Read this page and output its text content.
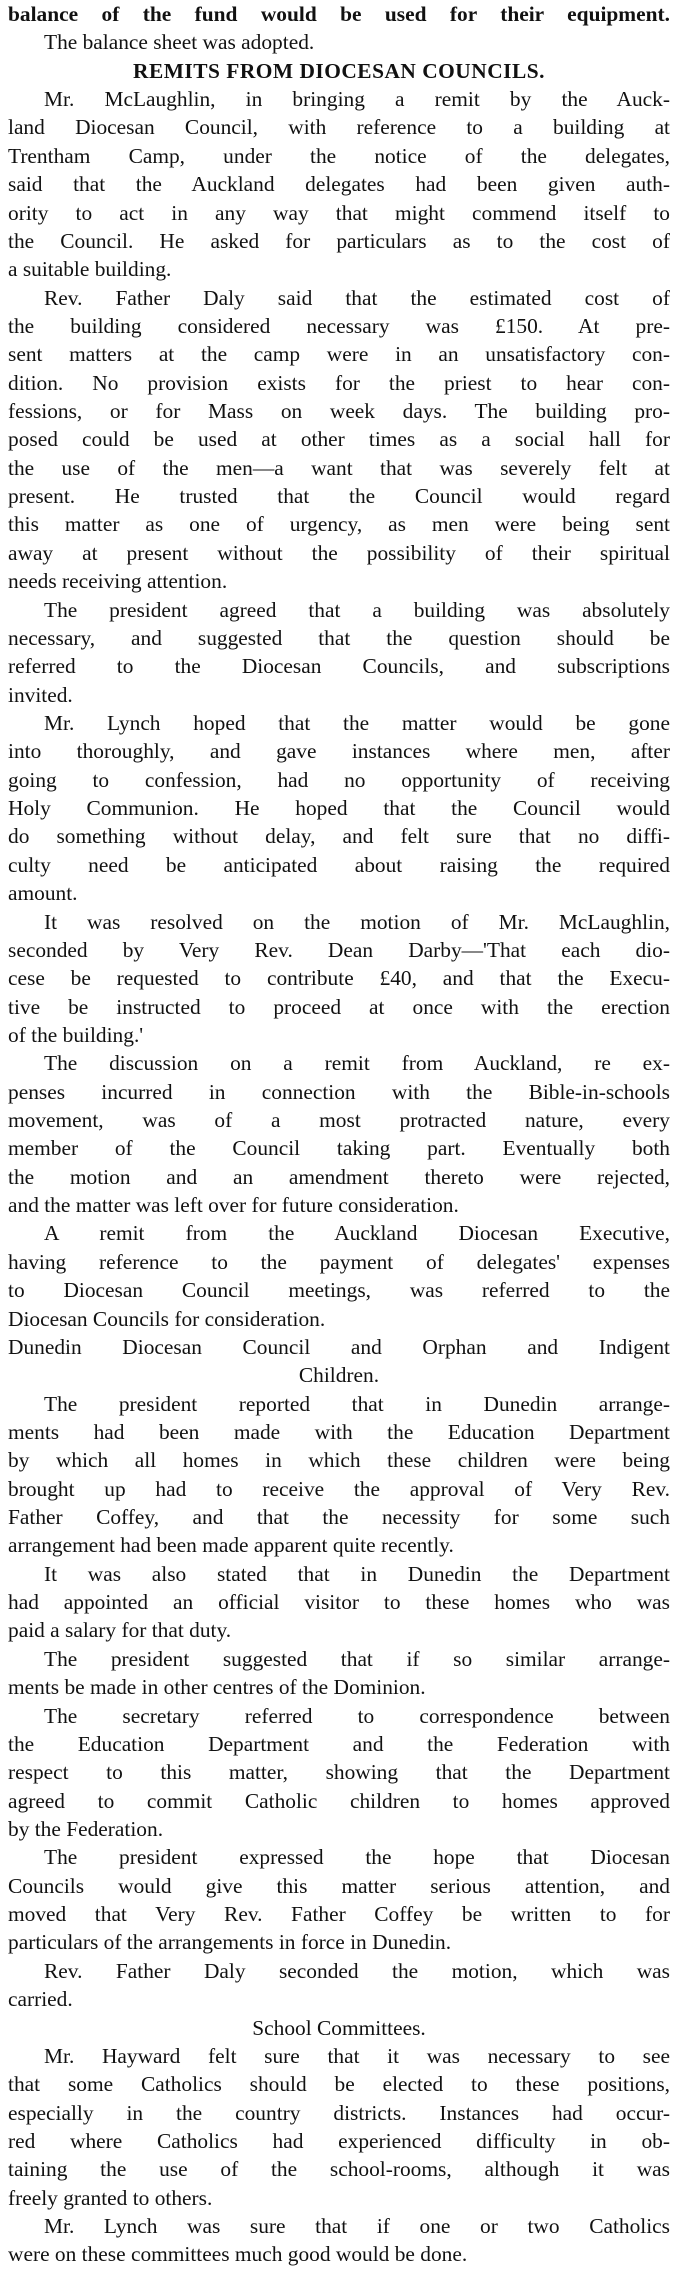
balance of the fund would be used for their equipment.
The balance sheet was adopted.
REMITS FROM DIOCESAN COUNCILS.
Mr. McLaughlin, in bringing a remit by the Auck-
land Diocesan Council, with reference to a building at
Trentham Camp, under the notice of the delegates,
said that the Auckland delegates had been given auth-
ority to act in any way that might commend itself to
the Council. He asked for particulars as to the cost of
a suitable building.
Rev. Father Daly said that the estimated cost of
the building considered necessary was £150. At pre-
sent matters at the camp were in an unsatisfactory con-
dition. No provision exists for the priest to hear con-
fessions, or for Mass on week days. The building pro-
posed could be used at other times as a social hall for
the use of the men—a want that was severely felt at
present. He trusted that the Council would regard
this matter as one of urgency, as men were being sent
away at present without the possibility of their spiritual
needs receiving attention.
The president agreed that a building was absolutely
necessary, and suggested that the question should be
referred to the Diocesan Councils, and subscriptions
invited.
Mr. Lynch hoped that the matter would be gone
into thoroughly, and gave instances where men, after
going to confession, had no opportunity of receiving
Holy Communion. He hoped that the Council would
do something without delay, and felt sure that no diffi-
culty need be anticipated about raising the required
amount.
It was resolved on the motion of Mr. McLaughlin,
seconded by Very Rev. Dean Darby—'That each dio-
cese be requested to contribute £40, and that the Execu-
tive be instructed to proceed at once with the erection
of the building.'
The discussion on a remit from Auckland, re ex-
penses incurred in connection with the Bible-in-schools
movement, was of a most protracted nature, every
member of the Council taking part. Eventually both
the motion and an amendment thereto were rejected,
and the matter was left over for future consideration.
A remit from the Auckland Diocesan Executive,
having reference to the payment of delegates' expenses
to Diocesan Council meetings, was referred to the
Diocesan Councils for consideration.
Dunedin Diocesan Council and Orphan and Indigent
Children.
The president reported that in Dunedin arrange-
ments had been made with the Education Department
by which all homes in which these children were being
brought up had to receive the approval of Very Rev.
Father Coffey, and that the necessity for some such
arrangement had been made apparent quite recently.
It was also stated that in Dunedin the Department
had appointed an official visitor to these homes who was
paid a salary for that duty.
The president suggested that if so similar arrange-
ments be made in other centres of the Dominion.
The secretary referred to correspondence between
the Education Department and the Federation with
respect to this matter, showing that the Department
agreed to commit Catholic children to homes approved
by the Federation.
The president expressed the hope that Diocesan
Councils would give this matter serious attention, and
moved that Very Rev. Father Coffey be written to for
particulars of the arrangements in force in Dunedin.
Rev. Father Daly seconded the motion, which was
carried.
School Committees.
Mr. Hayward felt sure that it was necessary to see
that some Catholics should be elected to these positions,
especially in the country districts. Instances had occur-
red where Catholics had experienced difficulty in ob-
taining the use of the school-rooms, although it was
freely granted to others.
Mr. Lynch was sure that if one or two Catholics
were on these committees much good would be done.
